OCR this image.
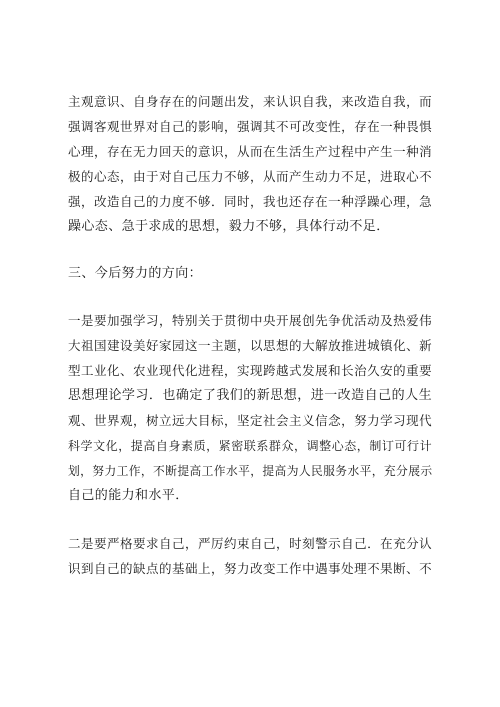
主观意识、自身存在的问题出发，来认识自我，来改造自我，而
强调客观世界对自己的影响，强调其不可改变性，存在一种畏惧
心理，存在无力回天的意识，从而在生活生产过程中产生一种消
极的心态，由于对自己压力不够，从而产生动力不足，进取心不
强，改造自己的力度不够．同时，我也还存在一种浮躁心理，急
躁心态、急于求成的思想，毅力不够，具体行动不足．
三、今后努力的方向：
一是要加强学习，特别关于贯彻中央开展创先争优活动及热爱伟
大祖国建设美好家园这一主题，以思想的大解放推进城镇化、新
型工业化、农业现代化进程，实现跨越式发展和长治久安的重要
思想理论学习．也确定了我们的新思想，进一改造自己的人生
观、世界观，树立远大目标，坚定社会主义信念，努力学习现代
科学文化，提高自身素质，紧密联系群众，调整心态，制订可行计
划，努力工作，不断提高工作水平，提高为人民服务水平，充分展示
自己的能力和水平．
二是要严格要求自己，严厉约束自己，时刻警示自己．在充分认
识到自己的缺点的基础上，努力改变工作中遇事处理不果断、不
